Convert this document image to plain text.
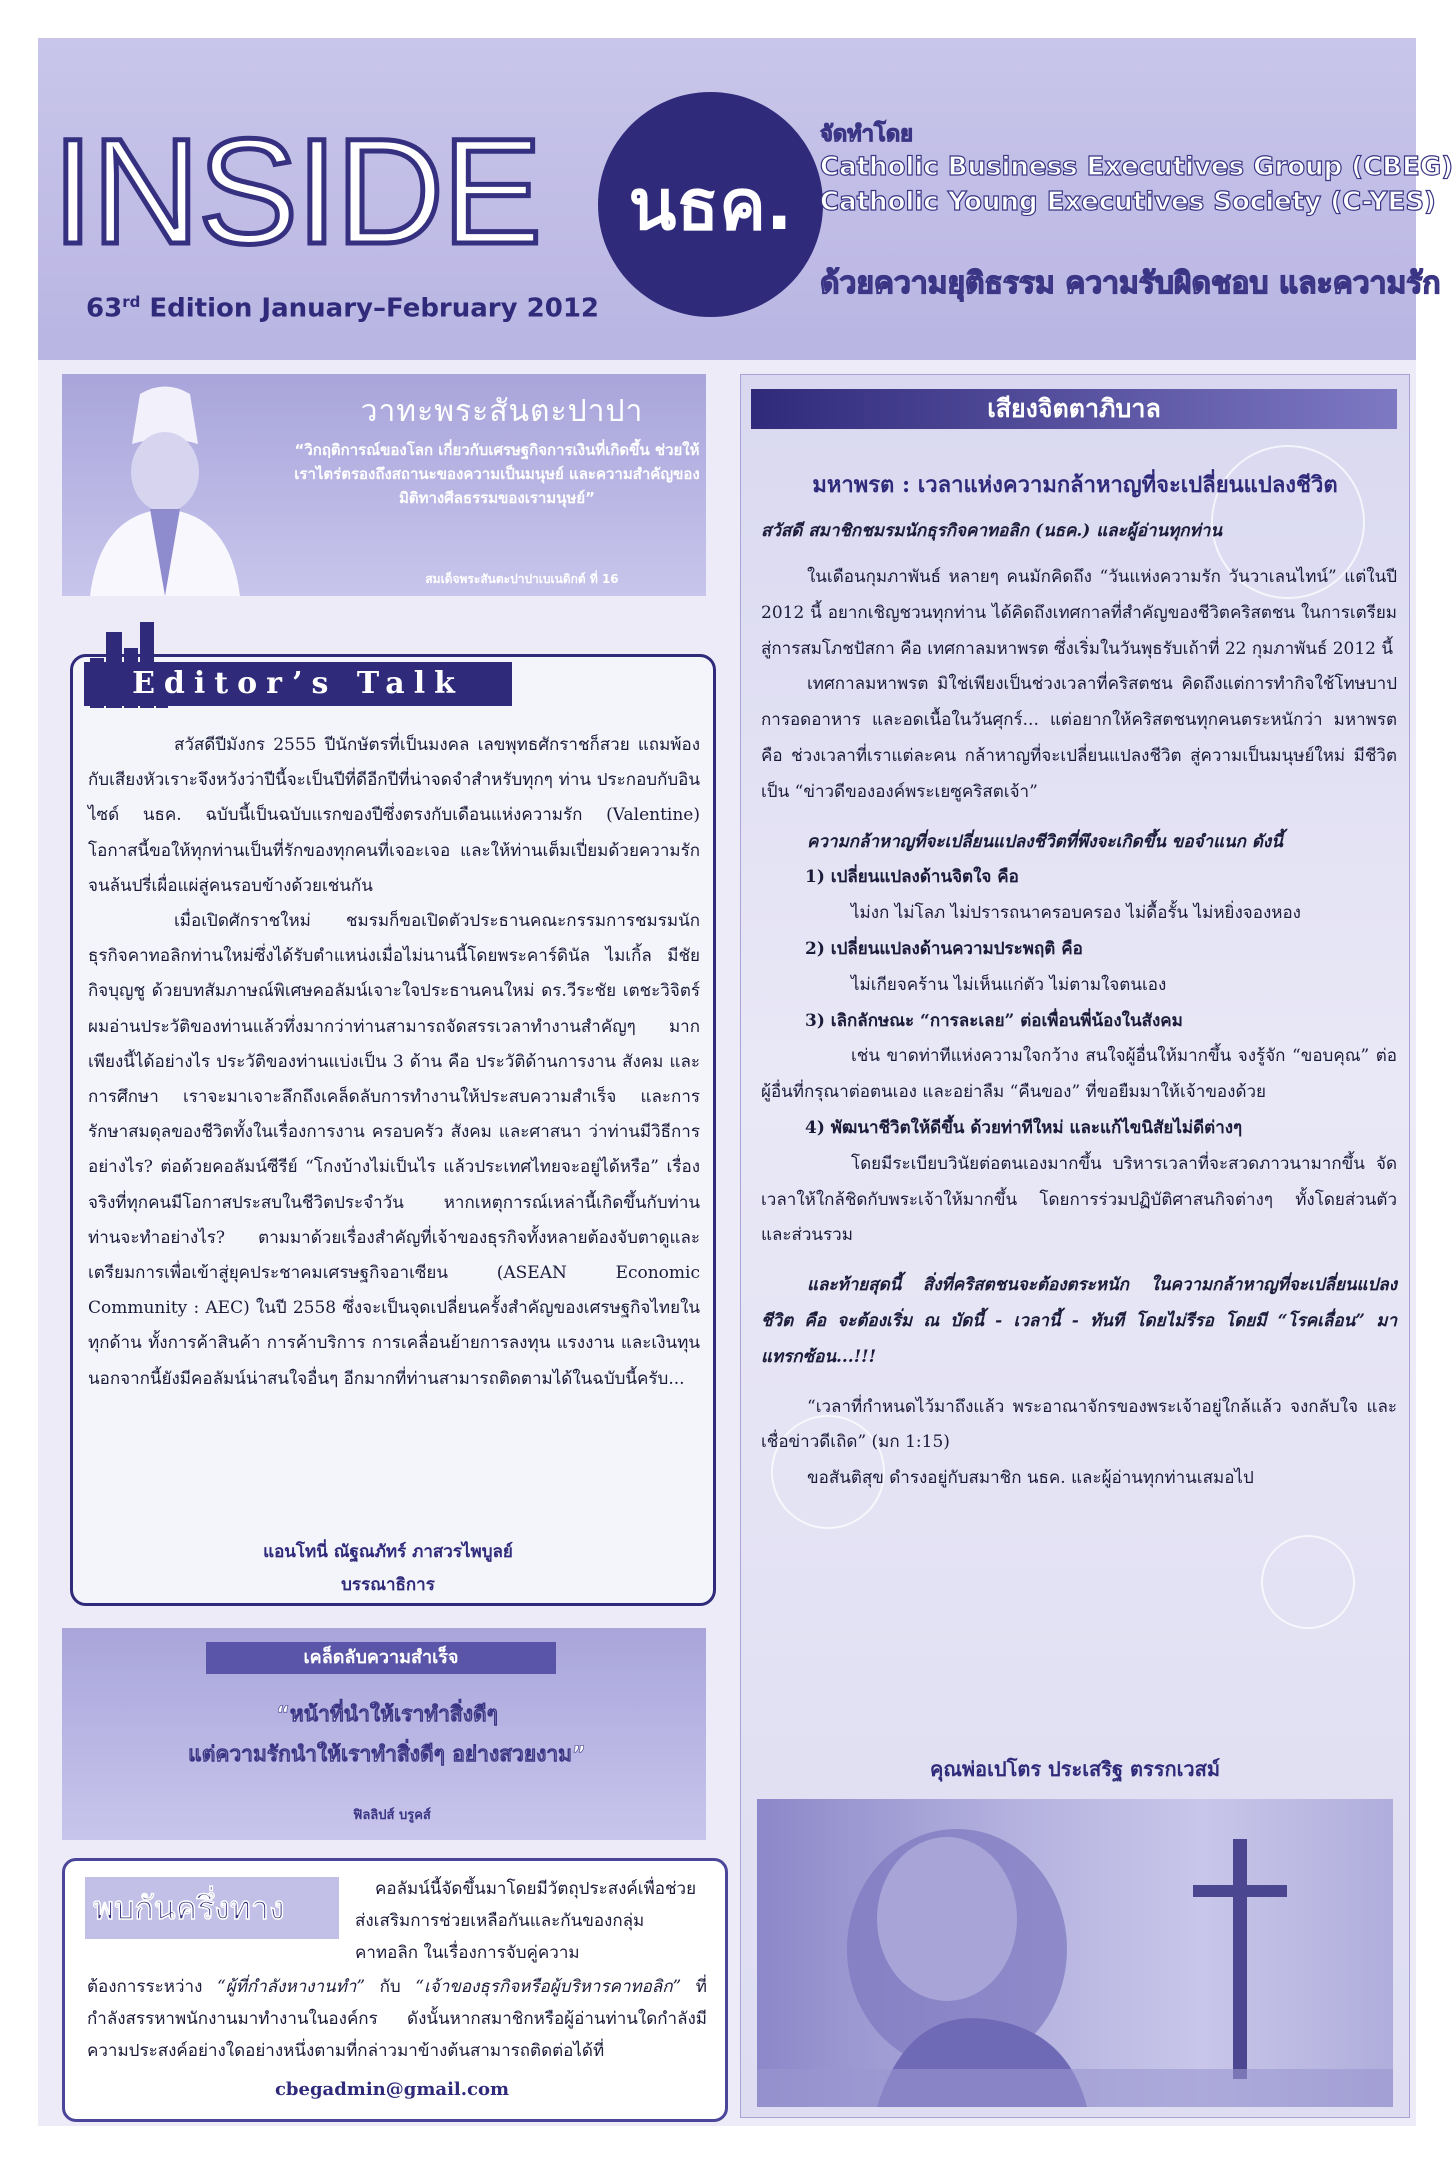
INSIDE นธค.
63rd Edition January–February 2012
จัดทำโดย
Catholic Business Executives Group (CBEG)
Catholic Young Executives Society (C-YES)
ด้วยความยุติธรรม ความรับผิดชอบ และความรัก
วาทะพระสันตะปาปา
“วิกฤติการณ์ของโลก เกี่ยวกับเศรษฐกิจการเงินที่เกิดขึ้น ช่วยให้เราไตร่ตรองถึงสถานะของความเป็นมนุษย์ และความสำคัญของมิติทางศีลธรรมของเรามนุษย์”
สมเด็จพระสันตะปาปาเบเนดิกต์ ที่ 16
Editor’s Talk

สวัสดีปีมังกร 2555 ปีนักษัตรที่เป็นมงคล เลขพุทธศักราชก็สวย แถมพ้องกับเสียงหัวเราะจึงหวังว่าปีนี้จะเป็นปีที่ดีอีกปีที่น่าจดจำสำหรับทุกๆ ท่าน ประกอบกับอินไซด์ นธค. ฉบับนี้เป็นฉบับแรกของปีซึ่งตรงกับเดือนแห่งความรัก (Valentine) โอกาสนี้ขอให้ทุกท่านเป็นที่รักของทุกคนที่เจอะเจอ และให้ท่านเต็มเปี่ยมด้วยความรักจนล้นปรี่เผื่อแผ่สู่คนรอบข้างด้วยเช่นกัน

เมื่อเปิดศักราชใหม่ ชมรมก็ขอเปิดตัวประธานคณะกรรมการชมรมนักธุรกิจคาทอลิกท่านใหม่ซึ่งได้รับตำแหน่งเมื่อไม่นานนี้โดยพระคาร์ดินัล ไมเกิ้ล มีชัย กิจบุญชู ด้วยบทสัมภาษณ์พิเศษคอลัมน์เจาะใจประธานคนใหม่ ดร.วีระชัย เตชะวิจิตร์ ผมอ่านประวัติของท่านแล้วทึ่งมากว่าท่านสามารถจัดสรรเวลาทำงานสำคัญๆ มากเพียงนี้ได้อย่างไร ประวัติของท่านแบ่งเป็น 3 ด้าน คือ ประวัติด้านการงาน สังคม และการศึกษา เราจะมาเจาะลึกถึงเคล็ดลับการทำงานให้ประสบความสำเร็จ และการรักษาสมดุลของชีวิตทั้งในเรื่องการงาน ครอบครัว สังคม และศาสนา ว่าท่านมีวิธีการอย่างไร? ต่อด้วยคอลัมน์ซีรีย์ “โกงบ้างไม่เป็นไร แล้วประเทศไทยจะอยู่ได้หรือ” เรื่องจริงที่ทุกคนมีโอกาสประสบในชีวิตประจำวัน หากเหตุการณ์เหล่านี้เกิดขึ้นกับท่าน ท่านจะทำอย่างไร? ตามมาด้วยเรื่องสำคัญที่เจ้าของธุรกิจทั้งหลายต้องจับตาดูและเตรียมการเพื่อเข้าสู่ยุคประชาคมเศรษฐกิจอาเซียน (ASEAN Economic Community : AEC) ในปี 2558 ซึ่งจะเป็นจุดเปลี่ยนครั้งสำคัญของเศรษฐกิจไทยในทุกด้าน ทั้งการค้าสินค้า การค้าบริการ การเคลื่อนย้ายการลงทุน แรงงาน และเงินทุน นอกจากนี้ยังมีคอลัมน์น่าสนใจอื่นๆ อีกมากที่ท่านสามารถติดตามได้ในฉบับนี้ครับ...

แอนโทนี่ ณัฐณภัทร์ ภาสวรไพบูลย์
บรรณาธิการ
เคล็ดลับความสำเร็จ
“หน้าที่นำให้เราทำสิ่งดีๆ
แต่ความรักนำให้เราทำสิ่งดีๆ อย่างสวยงาม”
ฟิลลิปส์ บรูคส์
พบกันครึ่งทาง	คอลัมน์นี้จัดขึ้นมาโดยมีวัตถุประสงค์เพื่อช่วยส่งเสริมการช่วยเหลือกันและกันของกลุ่มคาทอลิก ในเรื่องการจับคู่ความ
ต้องการระหว่าง “ผู้ที่กำลังหางานทำ” กับ “เจ้าของธุรกิจหรือผู้บริหารคาทอลิก” ที่กำลังสรรหาพนักงานมาทำงานในองค์กร ดังนั้นหากสมาชิกหรือผู้อ่านท่านใดกำลังมีความประสงค์อย่างใดอย่างหนึ่งตามที่กล่าวมาข้างต้นสามารถติดต่อได้ที่
cbegadmin@gmail.com
เสียงจิตตาภิบาล
มหาพรต : เวลาแห่งความกล้าหาญที่จะเปลี่ยนแปลงชีวิต
สวัสดี สมาชิกชมรมนักธุรกิจคาทอลิก (นธค.) และผู้อ่านทุกท่าน

ในเดือนกุมภาพันธ์ หลายๆ คนมักคิดถึง “วันแห่งความรัก วันวาเลนไทน์” แต่ในปี 2012 นี้ อยากเชิญชวนทุกท่าน ได้คิดถึงเทศกาลที่สำคัญของชีวิตคริสตชน ในการเตรียมสู่การสมโภชปัสกา คือ เทศกาลมหาพรต ซึ่งเริ่มในวันพุธรับเถ้าที่ 22 กุมภาพันธ์ 2012 นี้

เทศกาลมหาพรต มิใช่เพียงเป็นช่วงเวลาที่คริสตชน คิดถึงแต่การทำกิจใช้โทษบาป การอดอาหาร และอดเนื้อในวันศุกร์... แต่อยากให้คริสตชนทุกคนตระหนักว่า มหาพรต คือ ช่วงเวลาที่เราแต่ละคน กล้าหาญที่จะเปลี่ยนแปลงชีวิต สู่ความเป็นมนุษย์ใหม่ มีชีวิตเป็น “ข่าวดีขององค์พระเยซูคริสตเจ้า”

ความกล้าหาญที่จะเปลี่ยนแปลงชีวิตที่พึงจะเกิดขึ้น ขอจำแนก ดังนี้

1) เปลี่ยนแปลงด้านจิตใจ คือ

ไม่งก ไม่โลภ ไม่ปรารถนาครอบครอง ไม่ดื้อรั้น ไม่หยิ่งจองหอง

2) เปลี่ยนแปลงด้านความประพฤติ คือ

ไม่เกียจคร้าน ไม่เห็นแก่ตัว ไม่ตามใจตนเอง

3) เลิกลักษณะ “การละเลย” ต่อเพื่อนพี่น้องในสังคม

เช่น ขาดท่าทีแห่งความใจกว้าง สนใจผู้อื่นให้มากขึ้น จงรู้จัก “ขอบคุณ” ต่อผู้อื่นที่กรุณาต่อตนเอง และอย่าลืม “คืนของ” ที่ขอยืมมาให้เจ้าของด้วย

4) พัฒนาชีวิตให้ดีขึ้น ด้วยท่าทีใหม่ และแก้ไขนิสัยไม่ดีต่างๆ

โดยมีระเบียบวินัยต่อตนเองมากขึ้น บริหารเวลาที่จะสวดภาวนามากขึ้น จัดเวลาให้ใกล้ชิดกับพระเจ้าให้มากขึ้น โดยการร่วมปฏิบัติศาสนกิจต่างๆ ทั้งโดยส่วนตัว และส่วนรวม

และท้ายสุดนี้ สิ่งที่คริสตชนจะต้องตระหนัก ในความกล้าหาญที่จะเปลี่ยนแปลงชีวิต คือ จะต้องเริ่ม ณ บัดนี้ - เวลานี้ - ทันที โดยไม่รีรอ โดยมี “โรคเลื่อน” มาแทรกซ้อน...!!!

“เวลาที่กำหนดไว้มาถึงแล้ว พระอาณาจักรของพระเจ้าอยู่ใกล้แล้ว จงกลับใจ และ เชื่อข่าวดีเถิด” (มก 1:15)

ขอสันติสุข ดำรงอยู่กับสมาชิก นธค. และผู้อ่านทุกท่านเสมอไป

คุณพ่อเปโตร ประเสริฐ ตรรกเวสม์
